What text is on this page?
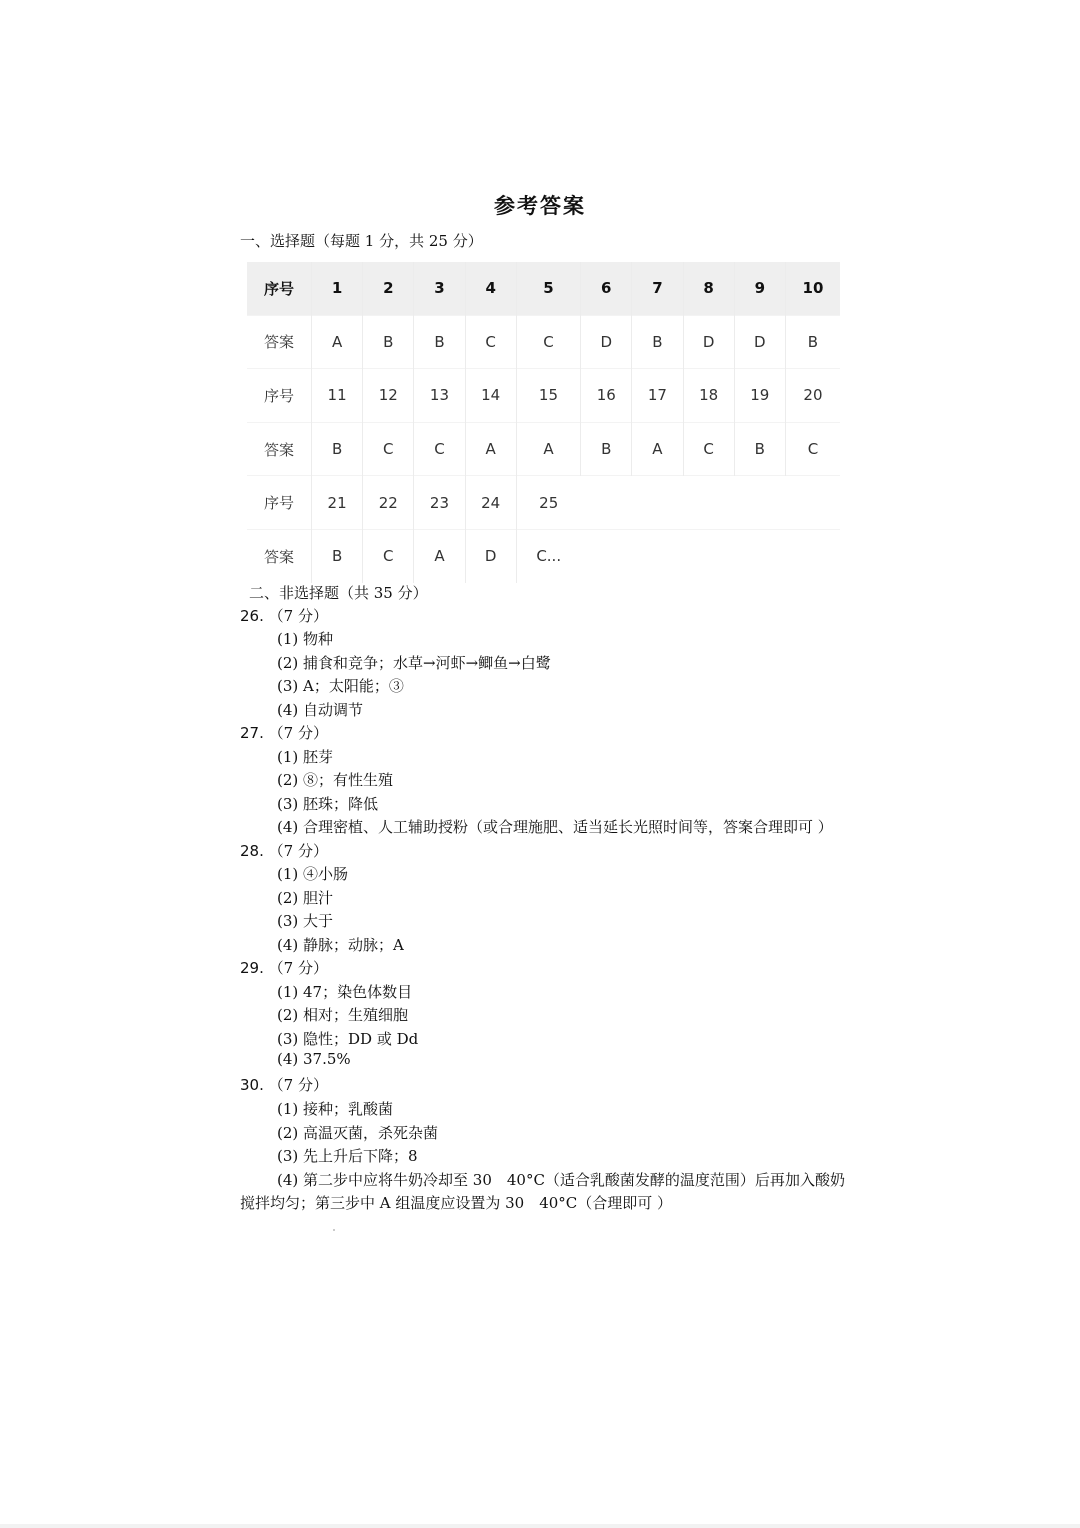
参考答案
一、选择题（每题 1 分，共 25 分）
序号	1	2	3	4	5	6	7	8	9	10
答案	A	B	B	C	C	D	B	D	D	B
序号	11	12	13	14	15	16	17	18	19	20
答案	B	C	C	A	A	B	A	C	B	C
序号	21	22	23	24	25					
答案	B	C	A	D	C...					
二、非选择题（共 35 分）
26. （7 分）
(1) 物种
(2) 捕食和竞争；水草→河虾→鲫鱼→白鹭
(3) A；太阳能；③
(4) 自动调节
27. （7 分）
(1) 胚芽
(2) ⑧；有性生殖
(3) 胚珠；降低
(4) 合理密植、人工辅助授粉（或合理施肥、适当延长光照时间等，答案合理即可 ）
28. （7 分）
(1) ④小肠
(2) 胆汁
(3) 大于
(4) 静脉；动脉；A
29. （7 分）
(1) 47；染色体数目
(2) 相对；生殖细胞
(3) 隐性；DD 或 Dd
(4) 37.5%
30. （7 分）
(1) 接种；乳酸菌
(2) 高温灭菌，杀死杂菌
(3) 先上升后下降；8
(4) 第二步中应将牛奶冷却至 30　40°C（适合乳酸菌发酵的温度范围）后再加入酸奶
搅拌均匀；第三步中 A 组温度应设置为 30　40°C（合理即可 ）
